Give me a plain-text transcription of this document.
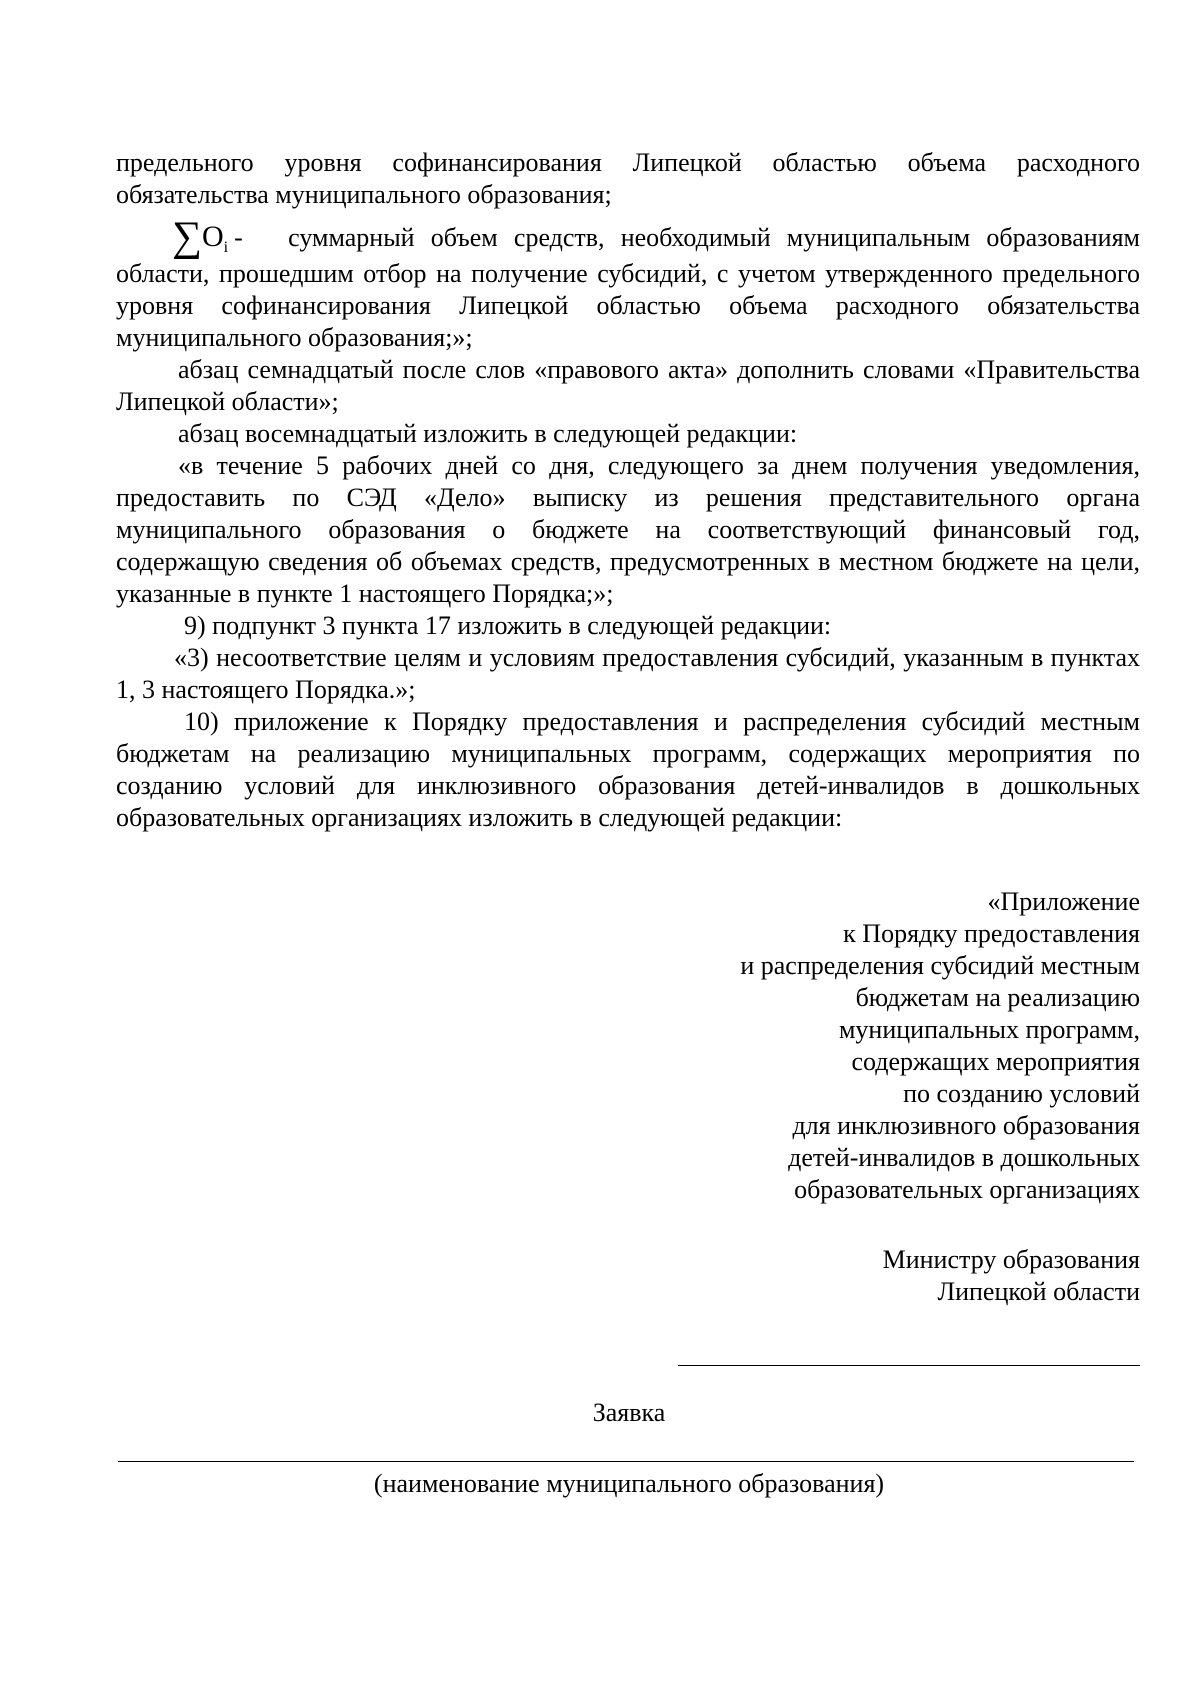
предельного уровня софинансирования Липецкой областью объема расходного обязательства муниципального образования;

$\sum O_i$ - суммарный объем средств, необходимый муниципальным образованиям области, прошедшим отбор на получение субсидий, с учетом утвержденного предельного уровня софинансирования Липецкой областью объема расходного обязательства муниципального образования;»;

абзац семнадцатый после слов «правового акта» дополнить словами «Правительства Липецкой области»;

абзац восемнадцатый изложить в следующей редакции:

«в течение 5 рабочих дней со дня, следующего за днем получения уведомления, предоставить по СЭД «Дело» выписку из решения представительного органа муниципального образования о бюджете на соответствующий финансовый год, содержащую сведения об объемах средств, предусмотренных в местном бюджете на цели, указанные в пункте 1 настоящего Порядка;»;

9) подпункт 3 пункта 17 изложить в следующей редакции:

«3) несоответствие целям и условиям предоставления субсидий, указанным в пунктах 1, 3 настоящего Порядка.»;

10) приложение к Порядку предоставления и распределения субсидий местным бюджетам на реализацию муниципальных программ, содержащих мероприятия по созданию условий для инклюзивного образования детей-инвалидов в дошкольных образовательных организациях изложить в следующей редакции:

«Приложение
к Порядку предоставления
и распределения субсидий местным
бюджетам на реализацию
муниципальных программ,
содержащих мероприятия
по созданию условий
для инклюзивного образования
детей-инвалидов в дошкольных
образовательных организациях
Министру образования
Липецкой области
Заявка
(наименование муниципального образования)
